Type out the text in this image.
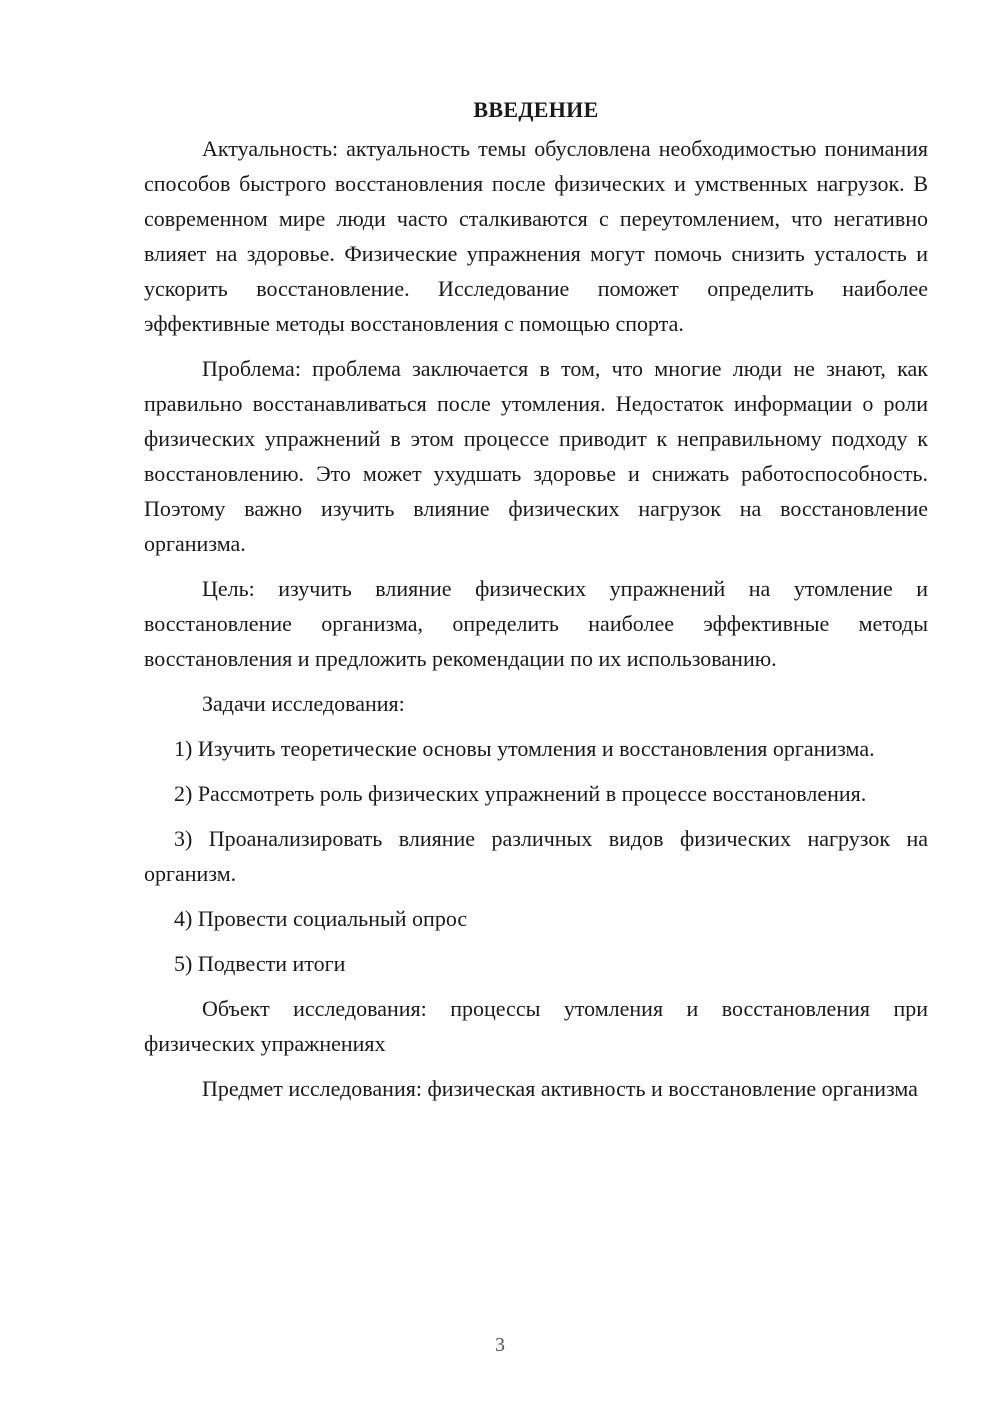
ВВЕДЕНИЕ

Актуальность: актуальность темы обусловлена необходимостью понимания способов быстрого восстановления после физических и умственных нагрузок. В современном мире люди часто сталкиваются с переутомлением, что негативно влияет на здоровье. Физические упражнения могут помочь снизить усталость и ускорить восстановление. Исследование поможет определить наиболее эффективные методы восстановления с помощью спорта.

Проблема: проблема заключается в том, что многие люди не знают, как правильно восстанавливаться после утомления. Недостаток информации о роли физических упражнений в этом процессе приводит к неправильному подходу к восстановлению. Это может ухудшать здоровье и снижать работоспособность. Поэтому важно изучить влияние физических нагрузок на восстановление организма.

Цель: изучить влияние физических упражнений на утомление и восстановление организма, определить наиболее эффективные методы восстановления и предложить рекомендации по их использованию.

Задачи исследования:

1) Изучить теоретические основы утомления и восстановления организма.

2) Рассмотреть роль физических упражнений в процессе восстановления.

3) Проанализировать влияние различных видов физических нагрузок на организм.

4) Провести социальный опрос

5) Подвести итоги

Объект исследования: процессы утомления и восстановления при физических упражнениях

Предмет исследования: физическая активность и восстановление организма

3
